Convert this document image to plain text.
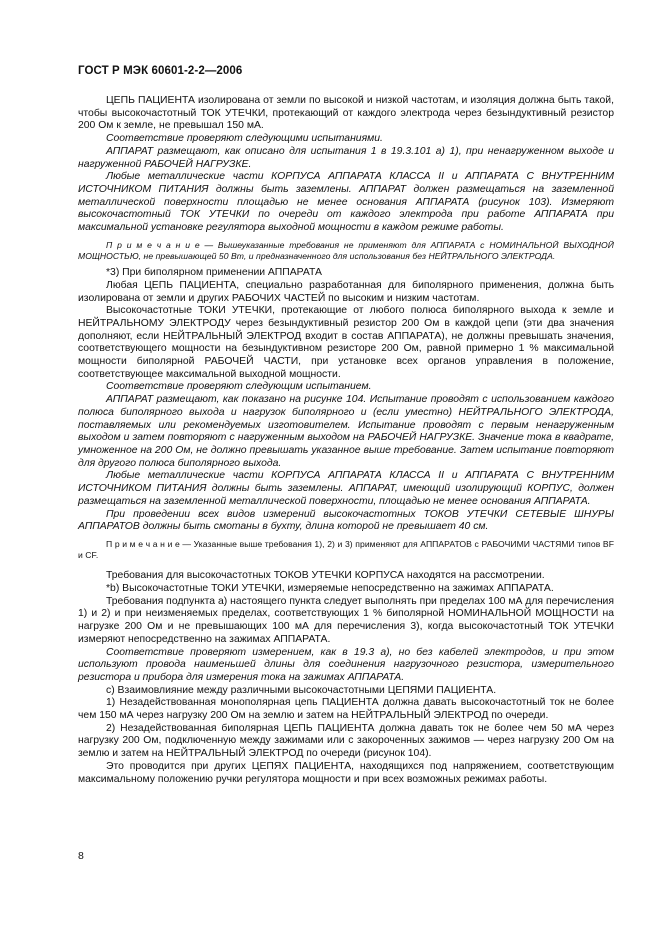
ГОСТ Р МЭК 60601-2-2—2006

ЦЕПЬ ПАЦИЕНТА изолирована от земли по высокой и низкой частотам, и изоляция должна быть такой, чтобы высокочастотный ТОК УТЕЧКИ, протекающий от каждого электрода через безындуктивный резистор 200 Ом к земле, не превышал 150 мА.

Соответствие проверяют следующими испытаниями.

АППАРАТ размещают, как описано для испытания 1 в 19.3.101 а) 1), при ненагруженном выходе и нагруженной РАБОЧЕЙ НАГРУЗКЕ.

Любые металлические части КОРПУСА АППАРАТА КЛАССА II и АППАРАТА С ВНУТРЕННИМ ИСТОЧНИКОМ ПИТАНИЯ должны быть заземлены. АППАРАТ должен размещаться на заземленной металлической поверхности площадью не менее основания АППАРАТА (рисунок 103). Измеряют высокочастотный ТОК УТЕЧКИ по очереди от каждого электрода при работе АППАРАТА при максимальной установке регулятора выходной мощности в каждом режиме работы.

П р и м е ч а н и е — Вышеуказанные требования не применяют для АППАРАТА с НОМИНАЛЬНОЙ ВЫХОДНОЙ МОЩНОСТЬЮ, не превышающей 50 Вт, и предназначенного для использования без НЕЙТРАЛЬНОГО ЭЛЕКТРОДА.

*3) При биполярном применении АППАРАТА

Любая ЦЕПЬ ПАЦИЕНТА, специально разработанная для биполярного применения, должна быть изолирована от земли и других РАБОЧИХ ЧАСТЕЙ по высоким и низким частотам.

Высокочастотные ТОКИ УТЕЧКИ, протекающие от любого полюса биполярного выхода к земле и НЕЙТРАЛЬНОМУ ЭЛЕКТРОДУ через безындуктивный резистор 200 Ом в каждой цепи (эти два значения дополняют, если НЕЙТРАЛЬНЫЙ ЭЛЕКТРОД входит в состав АППАРАТА), не должны превышать значения, соответствующего мощности на безындуктивном резисторе 200 Ом, равной примерно 1 % максимальной мощности биполярной РАБОЧЕЙ ЧАСТИ, при установке всех органов управления в положение, соответствующее максимальной выходной мощности.

Соответствие проверяют следующим испытанием.

АППАРАТ размещают, как показано на рисунке 104. Испытание проводят с использованием каждого полюса биполярного выхода и нагрузок биполярного и (если уместно) НЕЙТРАЛЬНОГО ЭЛЕКТРОДА, поставляемых или рекомендуемых изготовителем. Испытание проводят с первым ненагруженным выходом и затем повторяют с нагруженным выходом на РАБОЧЕЙ НАГРУЗКЕ. Значение тока в квадрате, умноженное на 200 Ом, не должно превышать указанное выше требование. Затем испытание повторяют для другого полюса биполярного выхода.

Любые металлические части КОРПУСА АППАРАТА КЛАССА II и АППАРАТА С ВНУТРЕННИМ ИСТОЧНИКОМ ПИТАНИЯ должны быть заземлены. АППАРАТ, имеющий изолирующий КОРПУС, должен размещаться на заземленной металлической поверхности, площадью не менее основания АППАРАТА.

При проведении всех видов измерений высокочастотных ТОКОВ УТЕЧКИ СЕТЕВЫЕ ШНУРЫ АППАРАТОВ должны быть смотаны в бухту, длина которой не превышает 40 см.

П р и м е ч а н и е — Указанные выше требования 1), 2) и 3) применяют для АППАРАТОВ с РАБОЧИМИ ЧАСТЯМИ типов BF и CF.

Требования для высокочастотных ТОКОВ УТЕЧКИ КОРПУСА находятся на рассмотрении.

*b) Высокочастотные ТОКИ УТЕЧКИ, измеряемые непосредственно на зажимах АППАРАТА.

Требования подпункта а) настоящего пункта следует выполнять при пределах 100 мА для перечисления 1) и 2) и при неизменяемых пределах, соответствующих 1 % биполярной НОМИНАЛЬНОЙ МОЩНОСТИ на нагрузке 200 Ом и не превышающих 100 мА для перечисления 3), когда высокочастотный ТОК УТЕЧКИ измеряют непосредственно на зажимах АППАРАТА.

Соответствие проверяют измерением, как в 19.3 а), но без кабелей электродов, и при этом используют провода наименьшей длины для соединения нагрузочного резистора, измерительного резистора и прибора для измерения тока на зажимах АППАРАТА.

с) Взаимовлияние между различными высокочастотными ЦЕПЯМИ ПАЦИЕНТА.

1) Незадействованная монополярная цепь ПАЦИЕНТА должна давать высокочастотный ток не более чем 150 мА через нагрузку 200 Ом на землю и затем на НЕЙТРАЛЬНЫЙ ЭЛЕКТРОД по очереди.

2) Незадействованная биполярная ЦЕПЬ ПАЦИЕНТА должна давать ток не более чем 50 мА через нагрузку 200 Ом, подключенную между зажимами или с закороченных зажимов — через нагрузку 200 Ом на землю и затем на НЕЙТРАЛЬНЫЙ ЭЛЕКТРОД по очереди (рисунок 104).

Это проводится при других ЦЕПЯХ ПАЦИЕНТА, находящихся под напряжением, соответствующим максимальному положению ручки регулятора мощности и при всех возможных режимах работы.

8
